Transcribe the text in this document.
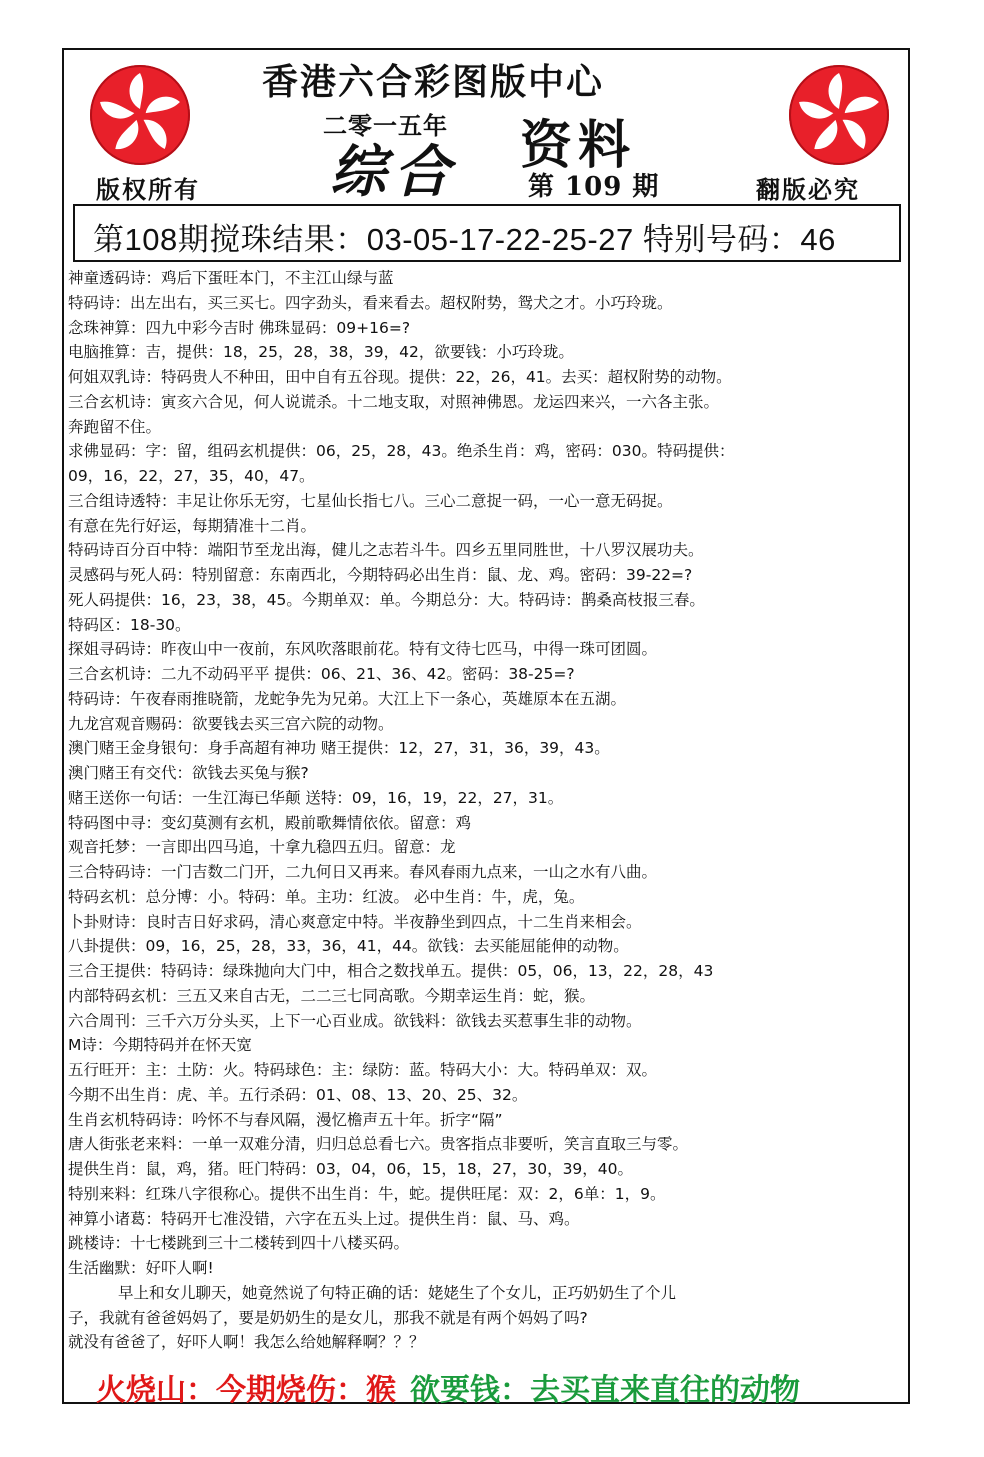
香港六合彩图版中心
二零一五年
综合 资料
第 109 期
版权所有	翻版必究
第108期搅珠结果：03-05-17-22-25-27 特别号码：46
神童透码诗：鸡后下蛋旺本门，不主江山绿与蓝
特码诗：出左出右，买三买七。四字劲头，看来看去。超权附势，鸳犬之才。小巧玲珑。
念珠神算：四九中彩今吉时 佛珠显码：09+16=?
电脑推算：吉，提供：18，25，28，38，39，42，欲要钱：小巧玲珑。
何姐双乳诗：特码贵人不种田，田中自有五谷现。提供：22，26，41。去买：超权附势的动物。
三合玄机诗：寅亥六合见，何人说谎杀。十二地支取，对照神佛恩。龙运四来兴，一六各主张。
奔跑留不住。
求佛显码：字：留，组码玄机提供：06，25，28，43。绝杀生肖：鸡，密码：030。特码提供：
09，16，22，27，35，40，47。
三合组诗透特：丰足让你乐无穷，七星仙长指七八。三心二意捉一码，一心一意无码捉。
有意在先行好运，每期猜准十二肖。
特码诗百分百中特：端阳节至龙出海，健儿之志若斗牛。四乡五里同胜世，十八罗汉展功夫。
灵感码与死人码：特别留意：东南西北，今期特码必出生肖：鼠、龙、鸡。密码：39-22=?
死人码提供：16，23，38，45。今期单双：单。今期总分：大。特码诗：鹊桑高枝报三春。
特码区：18-30。
探姐寻码诗：昨夜山中一夜前，东风吹落眼前花。特有文待七匹马，中得一珠可团圆。
三合玄机诗：二九不动码平平 提供：06、21、36、42。密码：38-25=?
特码诗：午夜春雨推晓箭，龙蛇争先为兄弟。大江上下一条心，英雄原本在五湖。
九龙宫观音赐码：欲要钱去买三宫六院的动物。
澳门赌王金身银句：身手高超有神功 赌王提供：12，27，31，36，39，43。
澳门赌王有交代：欲钱去买兔与猴?
赌王送你一句话：一生江海已华颠 送特：09，16，19，22，27，31。
特码图中寻：变幻莫测有玄机，殿前歌舞情依依。留意：鸡
观音托梦：一言即出四马追，十拿九稳四五归。留意：龙
三合特码诗：一门吉数二门开，二九何日又再来。春风春雨九点来，一山之水有八曲。
特码玄机：总分博：小。特码：单。主功：红波。 必中生肖：牛，虎，兔。
卜卦财诗：良时吉日好求码，清心爽意定中特。半夜静坐到四点，十二生肖来相会。
八卦提供：09，16，25，28，33，36，41，44。欲钱：去买能屈能伸的动物。
三合王提供：特码诗：绿珠抛向大门中，相合之数找单五。提供：05，06，13，22，28，43
内部特码玄机：三五又来自古无，二二三七同高歌。今期幸运生肖：蛇，猴。
六合周刊：三千六万分头买，上下一心百业成。欲钱料：欲钱去买惹事生非的动物。
M诗：今期特码并在怀天宽
五行旺开：主：土防：火。特码球色：主：绿防：蓝。特码大小：大。特码单双：双。
今期不出生肖：虎、羊。五行杀码：01、08、13、20、25、32。
生肖玄机特码诗：吟怀不与春风隔，漫忆檐声五十年。折字“隔”
唐人街张老来料：一单一双难分清，归归总总看七六。贵客指点非要听，笑言直取三与零。
提供生肖：鼠，鸡，猪。旺门特码：03，04，06，15，18，27，30，39，40。
特别来料：红珠八字很称心。提供不出生肖：牛，蛇。提供旺尾：双：2，6单：1，9。
神算小诸葛：特码开七准没错，六字在五头上过。提供生肖：鼠、马、鸡。
跳楼诗：十七楼跳到三十二楼转到四十八楼买码。
生活幽默：好吓人啊!
早上和女儿聊天，她竟然说了句特正确的话：姥姥生了个女儿，正巧奶奶生了个儿
子，我就有爸爸妈妈了，要是奶奶生的是女儿，那我不就是有两个妈妈了吗?
就没有爸爸了，好吓人啊！我怎么给她解释啊？？？
火烧山：今期烧伤：猴 欲要钱：去买直来直往的动物
